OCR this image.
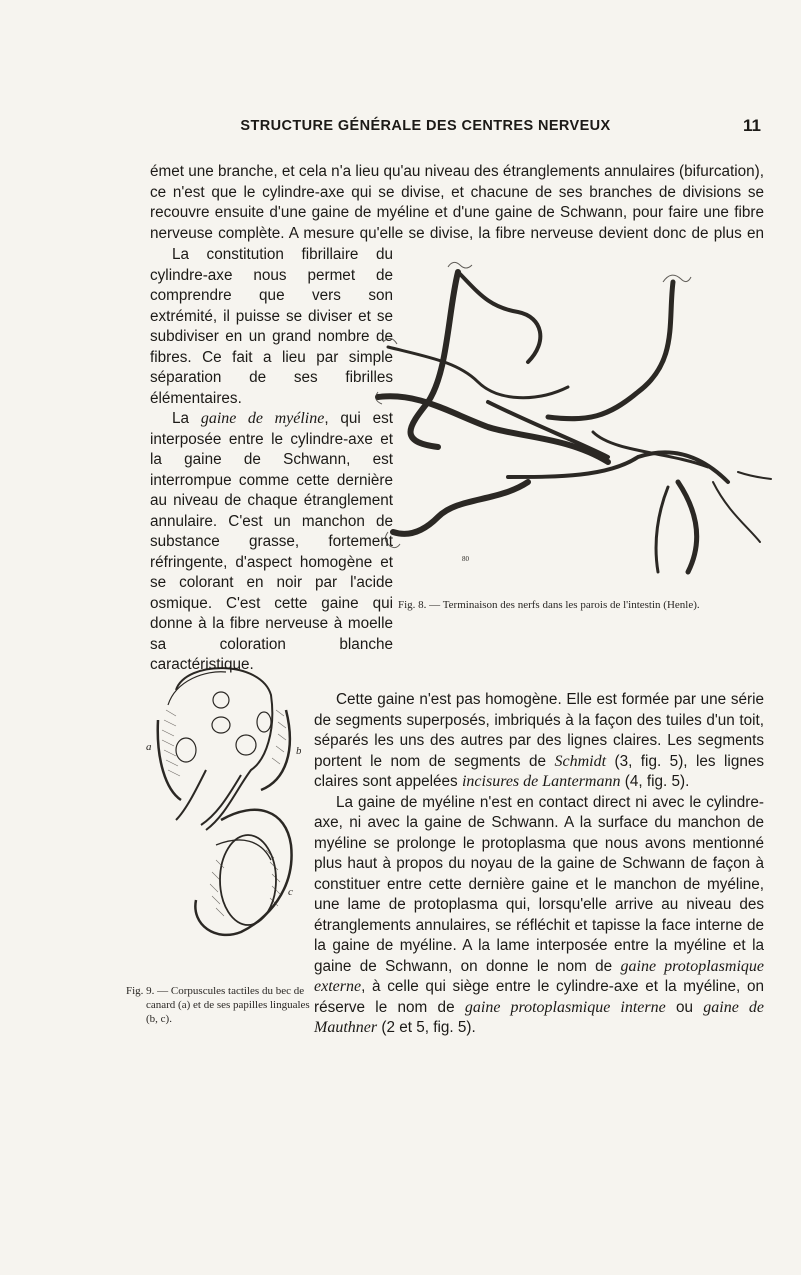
STRUCTURE GÉNÉRALE DES CENTRES NERVEUX	11

émet une branche, et cela n'a lieu qu'au niveau des étranglements annulaires (bifurcation), ce n'est que le cylindre-axe qui se divise, et chacune de ses branches de divisions se recouvre ensuite d'une gaine de myéline et d'une gaine de Schwann, pour faire une fibre nerveuse complète. A mesure qu'elle se divise, la fibre nerveuse devient donc de plus en

80
Fig. 8. — Terminaison des nerfs dans les parois de l'intestin (Henle).
a	b
c
Fig. 9. — Corpuscules tactiles du bec de canard (a) et de ses papilles linguales (b, c).

La constitution fibrillaire du cylindre-axe nous permet de comprendre que vers son extrémité, il puisse se diviser et se subdiviser en un grand nombre de fibres. Ce fait a lieu par simple séparation de ses fibrilles élémentaires.

La gaine de myéline, qui est interposée entre le cylindre-axe et la gaine de Schwann, est interrompue comme cette dernière au niveau de chaque étranglement annulaire. C'est un manchon de substance grasse, fortement réfringente, d'aspect homogène et se colorant en noir par l'acide osmique. C'est cette gaine qui donne à la fibre nerveuse à moelle sa coloration blanche caractéristique.

Cette gaine n'est pas homogène. Elle est formée par une série de segments superposés, imbriqués à la façon des tuiles d'un toit, séparés les uns des autres par des lignes claires. Les segments portent le nom de segments de Schmidt (3, fig. 5), les lignes claires sont appelées incisures de Lantermann (4, fig. 5).

La gaine de myéline n'est en contact direct ni avec le cylindre-axe, ni avec la gaine de Schwann. A la surface du manchon de myéline se prolonge le protoplasma que nous avons mentionné plus haut à propos du noyau de la gaine de Schwann de façon à constituer entre cette dernière gaine et le manchon de myéline, une lame de protoplasma qui, lorsqu'elle arrive au niveau des étranglements annulaires, se réfléchit et tapisse la face interne de la gaine de myéline. A la lame interposée entre la myéline et la gaine de Schwann, on donne le nom de gaine protoplasmique externe, à celle qui siège entre le cylindre-axe et la myéline, on réserve le nom de gaine protoplasmique interne ou gaine de Mauthner (2 et 5, fig. 5).
